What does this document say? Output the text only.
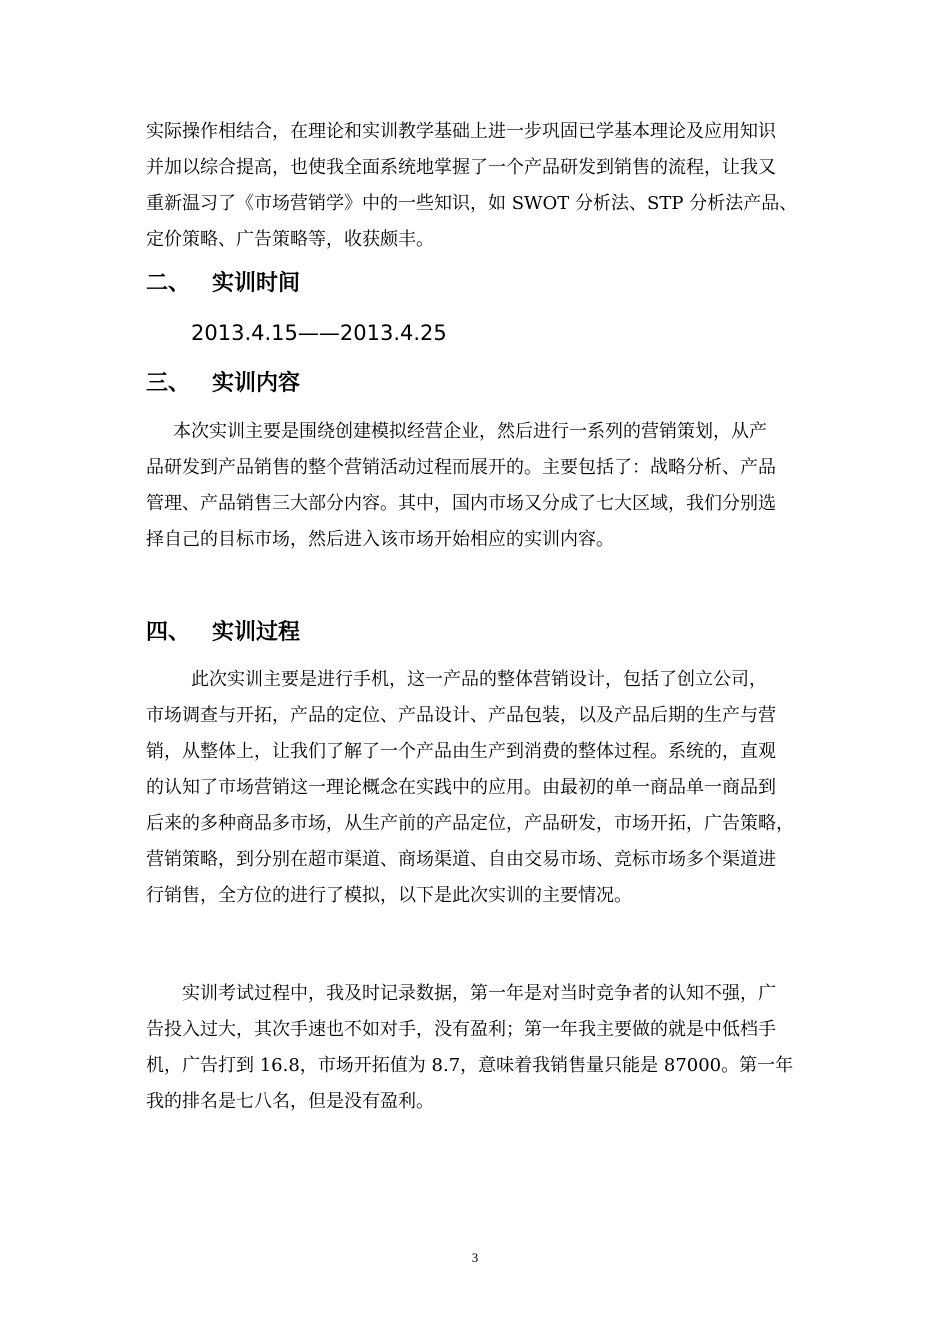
实际操作相结合，在理论和实训教学基础上进一步巩固已学基本理论及应用知识
并加以综合提高，也使我全面系统地掌握了一个产品研发到销售的流程，让我又
重新温习了《市场营销学》中的一些知识，如 SWOT 分析法、STP 分析法产品、
定价策略、广告策略等，收获颇丰。
二、 实训时间
2013.4.15——2013.4.25
三、 实训内容
本次实训主要是围绕创建模拟经营企业，然后进行一系列的营销策划，从产
品研发到产品销售的整个营销活动过程而展开的。主要包括了：战略分析、产品
管理、产品销售三大部分内容。其中，国内市场又分成了七大区域，我们分别选
择自己的目标市场，然后进入该市场开始相应的实训内容。
四、 实训过程
此次实训主要是进行手机，这一产品的整体营销设计，包括了创立公司，
市场调查与开拓，产品的定位、产品设计、产品包装，以及产品后期的生产与营
销，从整体上，让我们了解了一个产品由生产到消费的整体过程。系统的，直观
的认知了市场营销这一理论概念在实践中的应用。由最初的单一商品单一商品到
后来的多种商品多市场，从生产前的产品定位，产品研发，市场开拓，广告策略，
营销策略，到分别在超市渠道、商场渠道、自由交易市场、竞标市场多个渠道进
行销售，全方位的进行了模拟，以下是此次实训的主要情况。
实训考试过程中，我及时记录数据，第一年是对当时竞争者的认知不强，广
告投入过大，其次手速也不如对手，没有盈利；第一年我主要做的就是中低档手
机，广告打到 16.8，市场开拓值为 8.7，意味着我销售量只能是 87000。第一年
我的排名是七八名，但是没有盈利。
3
